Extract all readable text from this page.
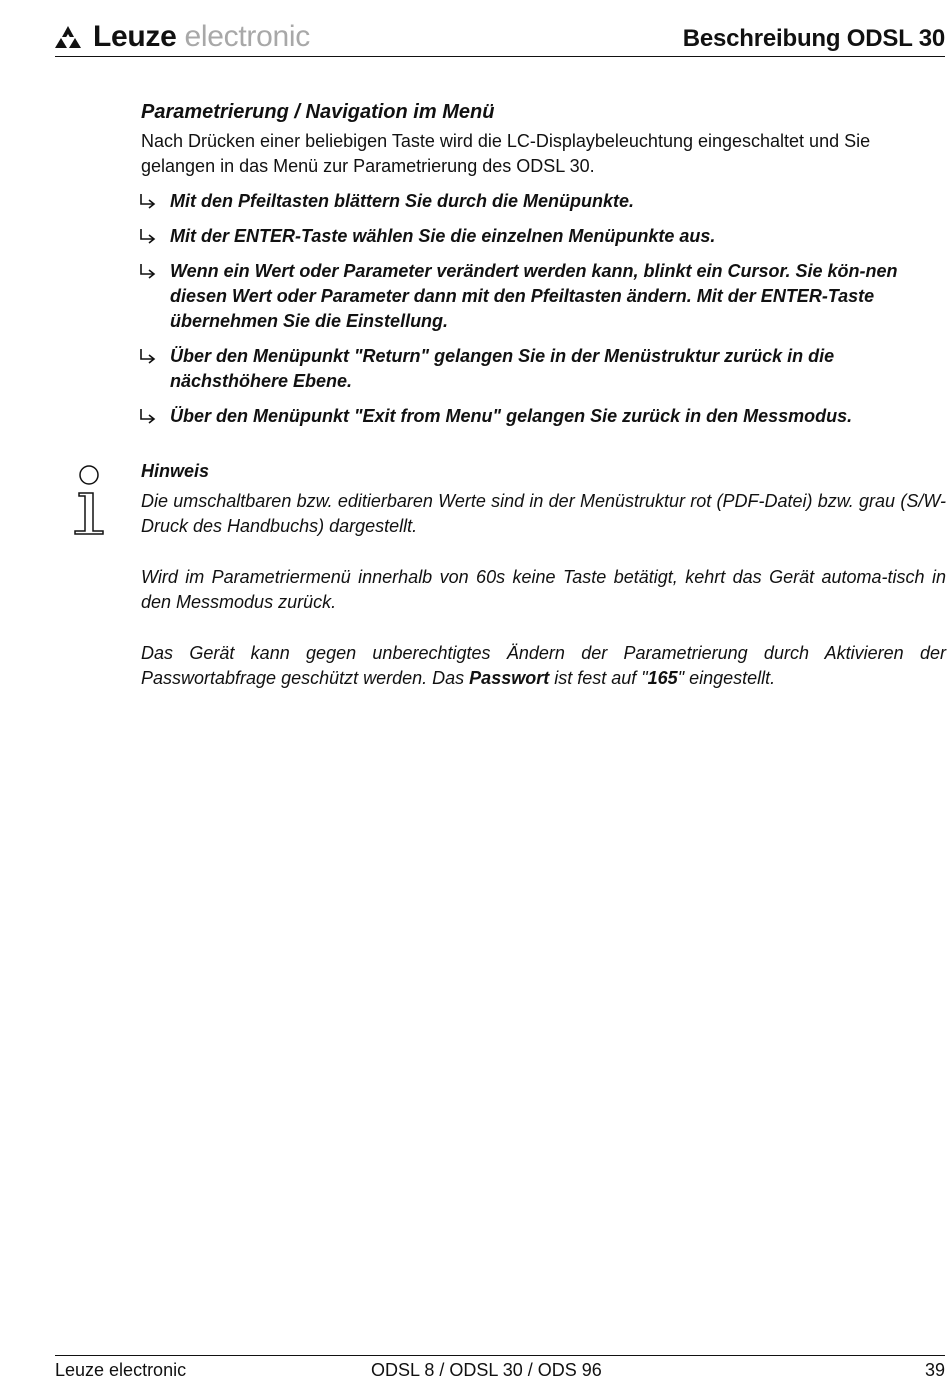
Leuze electronic	Beschreibung ODSL 30
Parametrierung / Navigation im Menü

Nach Drücken einer beliebigen Taste wird die LC-Displaybeleuchtung eingeschaltet und Sie gelangen in das Menü zur Parametrierung des ODSL 30.

Mit den Pfeiltasten blättern Sie durch die Menüpunkte.
Mit der ENTER-Taste wählen Sie die einzelnen Menüpunkte aus.
Wenn ein Wert oder Parameter verändert werden kann, blinkt ein Cursor. Sie kön-nen diesen Wert oder Parameter dann mit den Pfeiltasten ändern. Mit der ENTER-Taste übernehmen Sie die Einstellung.
Über den Menüpunkt "Return" gelangen Sie in der Menüstruktur zurück in die nächsthöhere Ebene.
Über den Menüpunkt "Exit from Menu" gelangen Sie zurück in den Messmodus.

Hinweis

Die umschaltbaren bzw. editierbaren Werte sind in der Menüstruktur rot (PDF-Datei) bzw. grau (S/W-Druck des Handbuchs) dargestellt.

Wird im Parametriermenü innerhalb von 60s keine Taste betätigt, kehrt das Gerät automa-tisch in den Messmodus zurück.

Das Gerät kann gegen unberechtigtes Ändern der Parametrierung durch Aktivieren der Passwortabfrage geschützt werden. Das Passwort ist fest auf "165" eingestellt.

Leuze electronic	ODSL 8 / ODSL 30 / ODS 96	39
